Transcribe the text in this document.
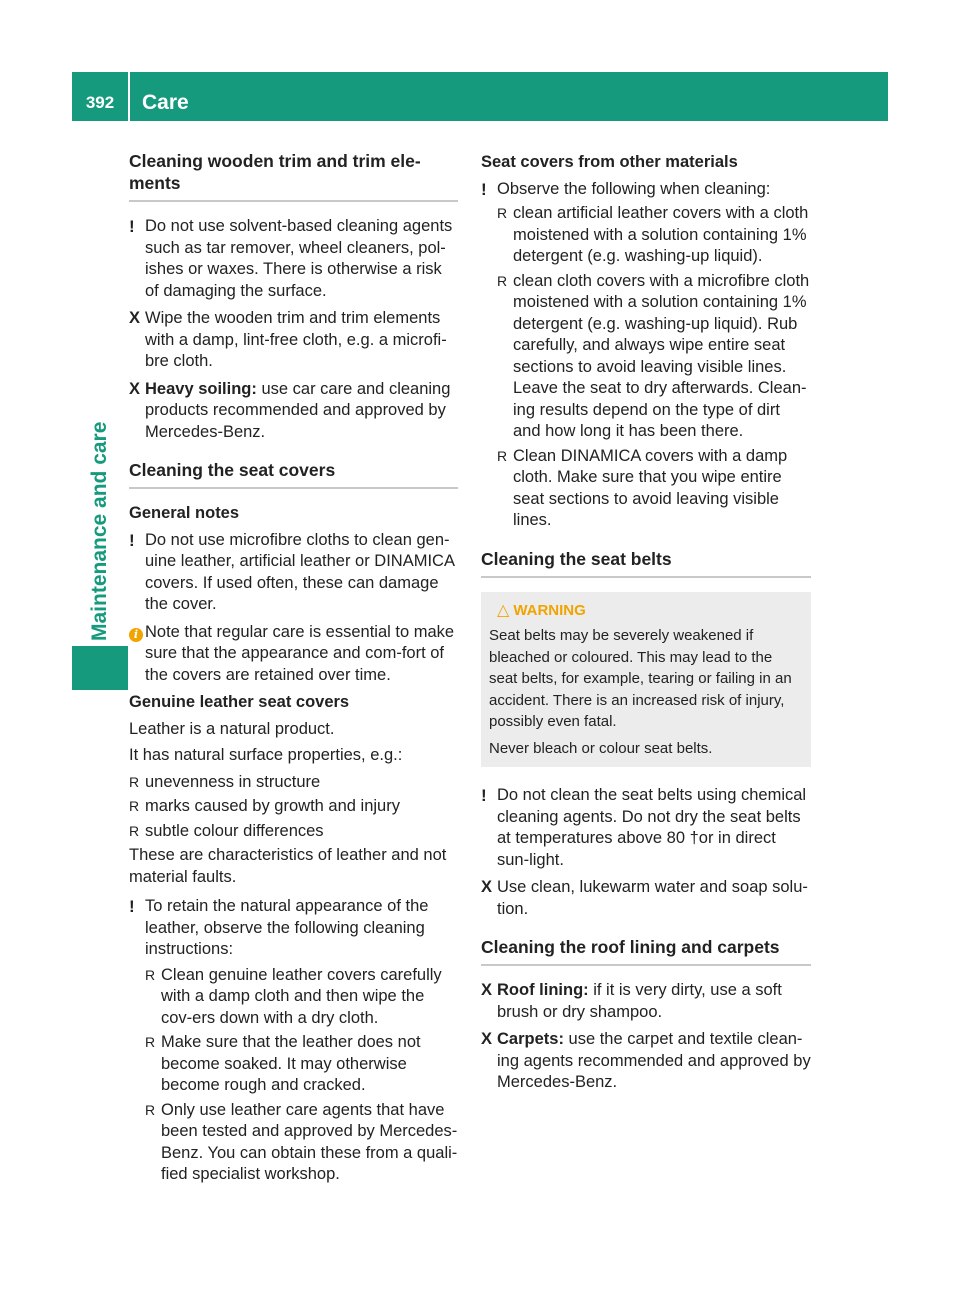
392	Care
Maintenance and care
Cleaning wooden trim and trim ele-ments
! Do not use solvent-based cleaning agents such as tar remover, wheel cleaners, pol-ishes or waxes. There is otherwise a risk of damaging the surface.
X Wipe the wooden trim and trim elements with a damp, lint-free cloth, e.g. a microfi-bre cloth.
X Heavy soiling: use car care and cleaning products recommended and approved by Mercedes-Benz.
Cleaning the seat covers
General notes
! Do not use microfibre cloths to clean gen-uine leather, artificial leather or DINAMICA covers. If used often, these can damage the cover.
i Note that regular care is essential to make sure that the appearance and com-fort of the covers are retained over time.
Genuine leather seat covers
Leather is a natural product.
It has natural surface properties, e.g.:
R unevenness in structure
R marks caused by growth and injury
R subtle colour differences
These are characteristics of leather and not material faults.
! To retain the natural appearance of the leather, observe the following cleaning instructions:
R Clean genuine leather covers carefully with a damp cloth and then wipe the cov-ers down with a dry cloth.
R Make sure that the leather does not become soaked. It may otherwise become rough and cracked.
R Only use leather care agents that have been tested and approved by Mercedes-Benz. You can obtain these from a quali-fied specialist workshop.
Seat covers from other materials
! Observe the following when cleaning:
R clean artificial leather covers with a cloth moistened with a solution containing 1% detergent (e.g. washing-up liquid).
R clean cloth covers with a microfibre cloth moistened with a solution containing 1% detergent (e.g. washing-up liquid). Rub carefully, and always wipe entire seat sections to avoid leaving visible lines. Leave the seat to dry afterwards. Clean-ing results depend on the type of dirt and how long it has been there.
R Clean DINAMICA covers with a damp cloth. Make sure that you wipe entire seat sections to avoid leaving visible lines.
Cleaning the seat belts
△ WARNING

Seat belts may be severely weakened if bleached or coloured. This may lead to the seat belts, for example, tearing or failing in an accident. There is an increased risk of injury, possibly even fatal.

Never bleach or colour seat belts.

! Do not clean the seat belts using chemical cleaning agents. Do not dry the seat belts at temperatures above 80 †or in direct sun-light.
X Use clean, lukewarm water and soap solu-tion.
Cleaning the roof lining and carpets
X Roof lining: if it is very dirty, use a soft brush or dry shampoo.
X Carpets: use the carpet and textile clean-ing agents recommended and approved by Mercedes-Benz.
